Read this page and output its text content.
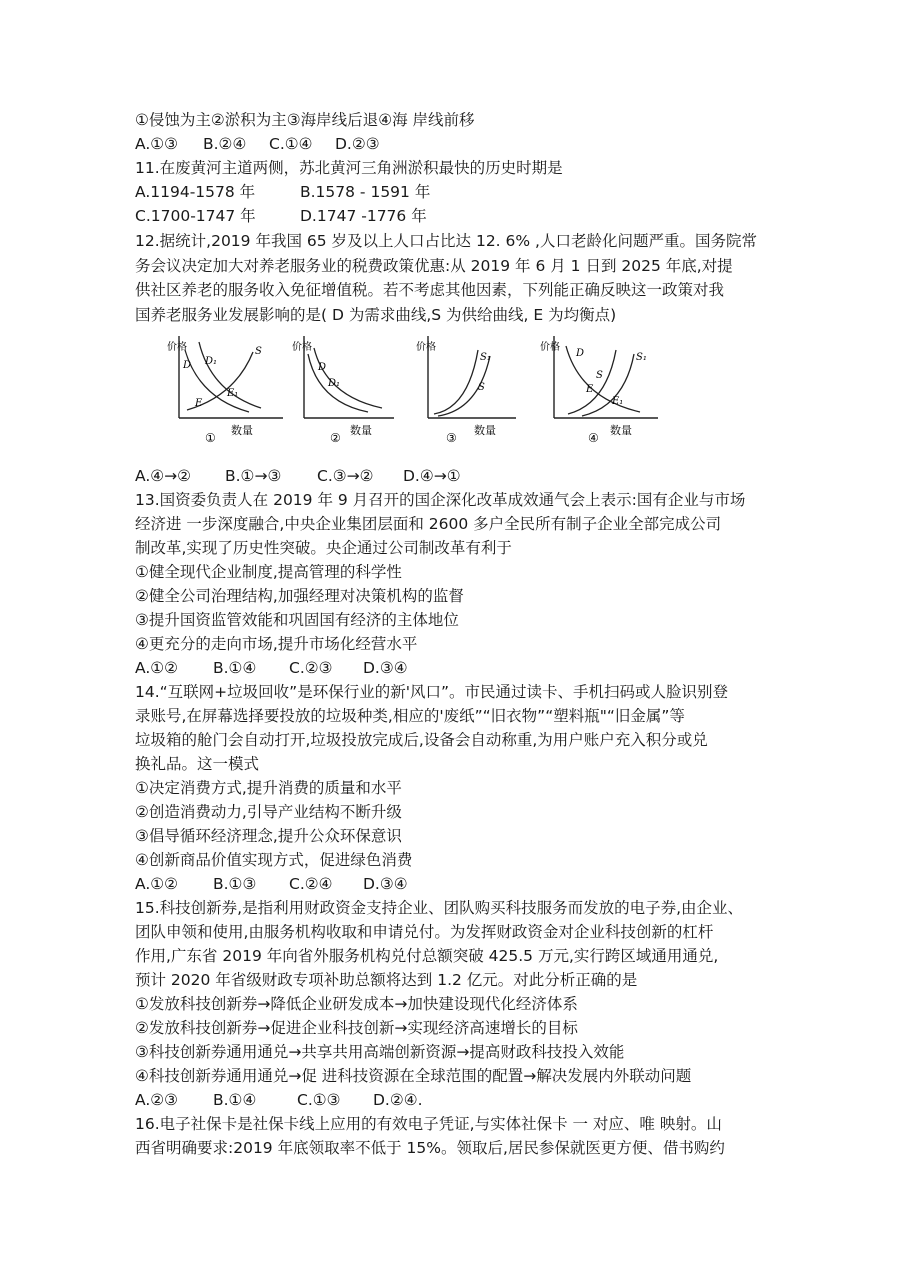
①侵蚀为主②淤积为主③海岸线后退④海 岸线前移
A.①③ B.②④ C.①④ D.②③
11.在废黄河主道两侧，苏北黄河三角洲淤积最快的历史时期是
A.1194-1578 年	B.1578 - 1591 年
C.1700-1747 年	D.1747 -1776 年
12.据统计,2019 年我国 65 岁及以上人口占比达 12. 6% ,人口老龄化问题严重。国务院常
务会议决定加大对养老服务业的税费政策优惠:从 2019 年 6 月 1 日到 2025 年底,对提
供社区养老的服务收入免征增值税。若不考虑其他因素，下列能正确反映这一政策对我
国养老服务业发展影响的是( D 为需求曲线,S 为供给曲线, E 为均衡点)
价格
D D₁
S
E
E₁
数量
①
价格
D
D₁
数量
②
价格
S₁
S
数量
③
价格
D
S
S₁
E
E₁
数量
④
A.④→② B.①→③ C.③→② D.④→①
13.国资委负责人在 2019 年 9 月召开的国企深化改革成效通气会上表示:国有企业与市场
经济进 一步深度融合,中央企业集团层面和 2600 多户全民所有制子企业全部完成公司
制改革,实现了历史性突破。央企通过公司制改革有利于
①健全现代企业制度,提高管理的科学性
②健全公司治理结构,加强经理对决策机构的监督
③提升国资监管效能和巩固国有经济的主体地位
④更充分的走向市场,提升市场化经营水平
A.①② B.①④ C.②③ D.③④
14.“互联网+垃圾回收”是环保行业的新'风口”。市民通过读卡、手机扫码或人脸识别登
录账号,在屏幕选择要投放的垃圾种类,相应的'废纸”“旧衣物”“塑料瓶"“旧金属”等
垃圾箱的舱门会自动打开,垃圾投放完成后,设备会自动称重,为用户账户充入积分或兑
换礼品。这一模式
①决定消费方式,提升消费的质量和水平
②创造消费动力,引导产业结构不断升级
③倡导循环经济理念,提升公众环保意识
④创新商品价值实现方式，促进绿色消费
A.①② B.①③ C.②④ D.③④
15.科技创新券,是指利用财政资金支持企业、团队购买科技服务而发放的电子券,由企业、
团队申领和使用,由服务机构收取和申请兑付。为发挥财政资金对企业科技创新的杠杆
作用,广东省 2019 年向省外服务机构兑付总额突破 425.5 万元,实行跨区域通用通兑,
预计 2020 年省级财政专项补助总额将达到 1.2 亿元。对此分析正确的是
①发放科技创新券→降低企业研发成本→加快建设现代化经济体系
②发放科技创新券→促进企业科技创新→实现经济高速增长的目标
③科技创新券通用通兑→共享共用高端创新资源→提高财政科技投入效能
④科技创新券通用通兑→促 进科技资源在全球范围的配置→解决发展内外联动问题
A.②③ B.①④	C.①③ D.②④.
16.电子社保卡是社保卡线上应用的有效电子凭证,与实体社保卡 一 对应、唯 映射。山
西省明确要求:2019 年底领取率不低于 15%。领取后,居民参保就医更方便、借书购约
